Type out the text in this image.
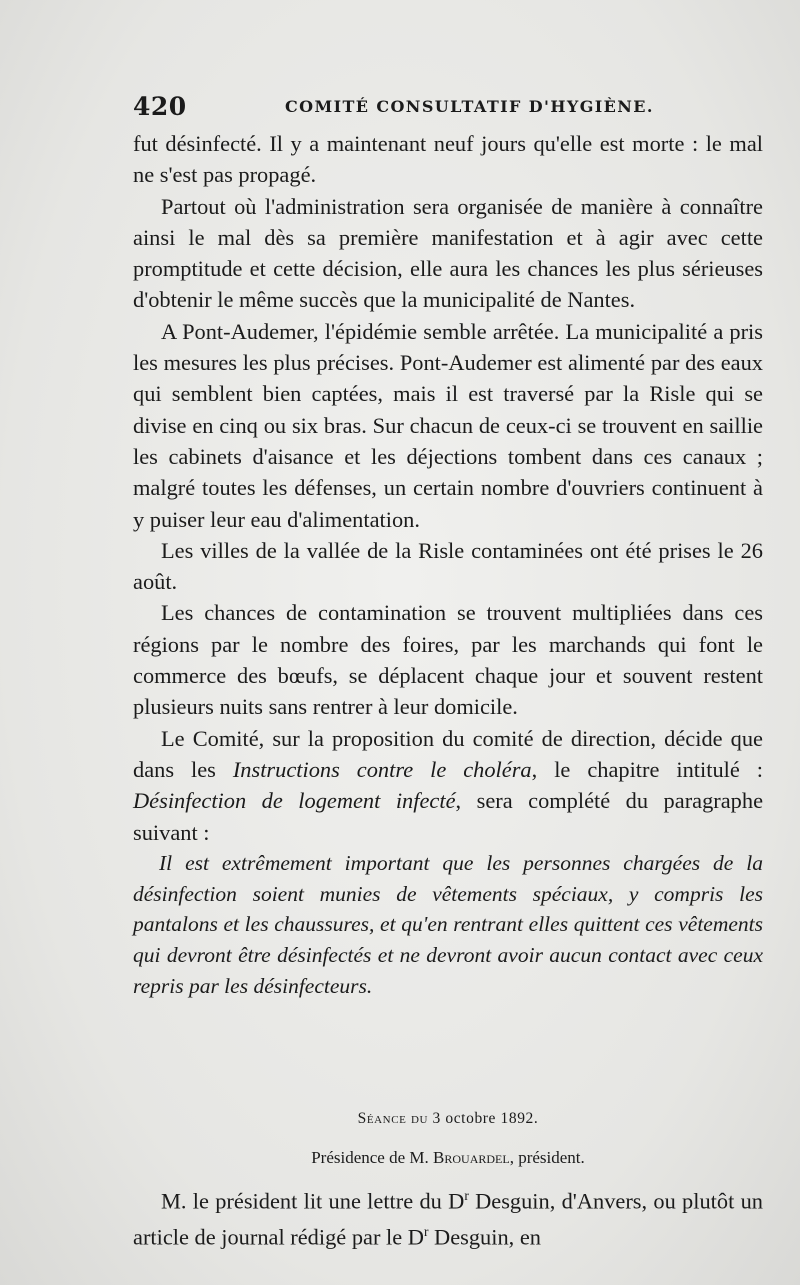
420	COMITÉ CONSULTATIF D'HYGIÈNE.

fut désinfecté. Il y a maintenant neuf jours qu'elle est morte : le mal ne s'est pas propagé.

Partout où l'administration sera organisée de manière à connaître ainsi le mal dès sa première manifestation et à agir avec cette promptitude et cette décision, elle aura les chances les plus sérieuses d'obtenir le même succès que la municipalité de Nantes.

A Pont-Audemer, l'épidémie semble arrêtée. La municipalité a pris les mesures les plus précises. Pont-Audemer est alimenté par des eaux qui semblent bien captées, mais il est traversé par la Risle qui se divise en cinq ou six bras. Sur chacun de ceux-ci se trouvent en saillie les cabinets d'aisance et les déjections tombent dans ces canaux ; malgré toutes les défenses, un certain nombre d'ouvriers continuent à y puiser leur eau d'alimentation.

Les villes de la vallée de la Risle contaminées ont été prises le 26 août.

Les chances de contamination se trouvent multipliées dans ces régions par le nombre des foires, par les marchands qui font le commerce des bœufs, se déplacent chaque jour et souvent restent plusieurs nuits sans rentrer à leur domicile.

Le Comité, sur la proposition du comité de direction, décide que dans les Instructions contre le choléra, le chapitre intitulé : Désinfection de logement infecté, sera complété du paragraphe suivant :

Il est extrêmement important que les personnes chargées de la désinfection soient munies de vêtements spéciaux, y compris les pantalons et les chaussures, et qu'en rentrant elles quittent ces vêtements qui devront être désinfectés et ne devront avoir aucun contact avec ceux repris par les désinfecteurs.

Séance du 3 octobre 1892.
Présidence de M. Brouardel, président.

M. le président lit une lettre du $D^r$ Desguin, d'Anvers, ou plutôt un article de journal rédigé par le $D^r$ Desguin, en
